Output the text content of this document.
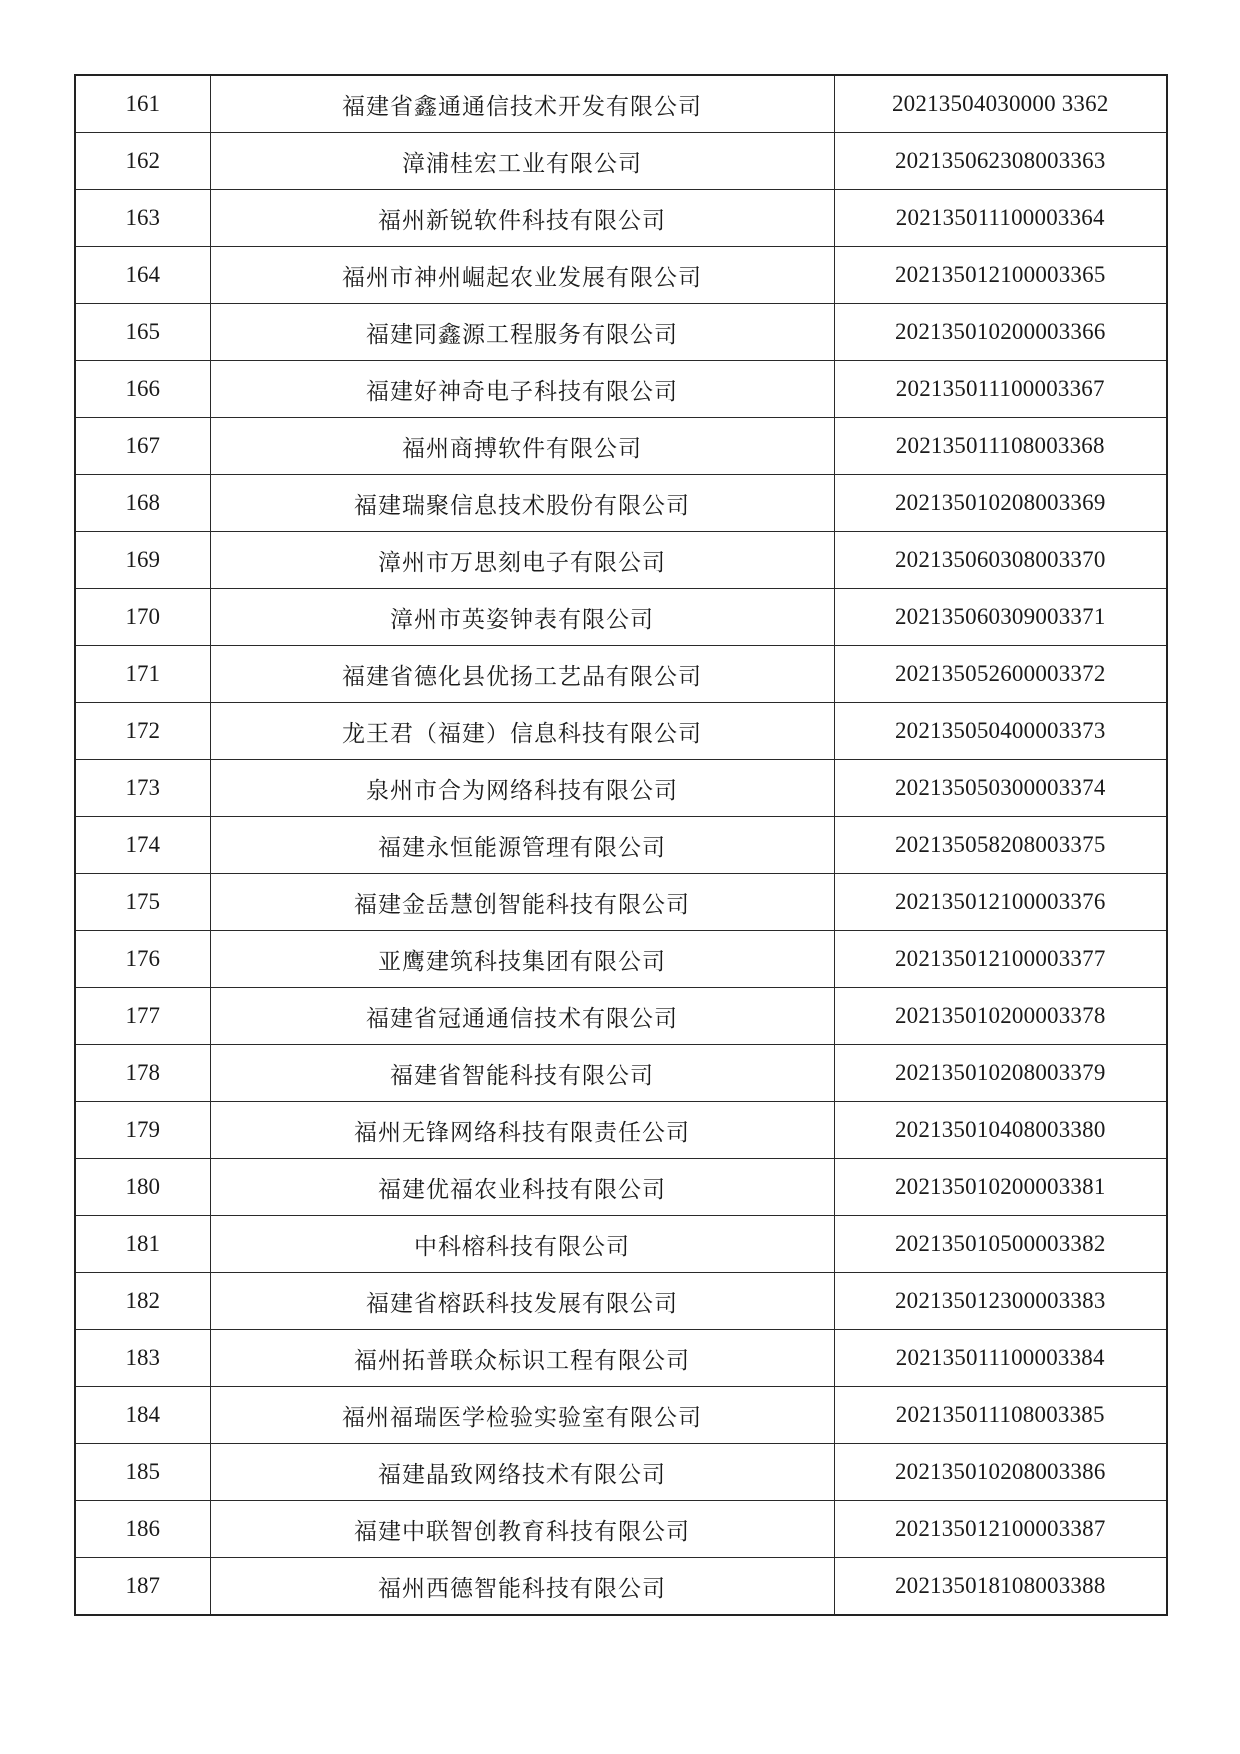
161	福建省鑫通通信技术开发有限公司	20213504030000 3362
162	漳浦桂宏工业有限公司	202135062308003363
163	福州新锐软件科技有限公司	202135011100003364
164	福州市神州崛起农业发展有限公司	202135012100003365
165	福建同鑫源工程服务有限公司	202135010200003366
166	福建好神奇电子科技有限公司	202135011100003367
167	福州商搏软件有限公司	202135011108003368
168	福建瑞聚信息技术股份有限公司	202135010208003369
169	漳州市万思刻电子有限公司	202135060308003370
170	漳州市英姿钟表有限公司	202135060309003371
171	福建省德化县优扬工艺品有限公司	202135052600003372
172	龙王君（福建）信息科技有限公司	202135050400003373
173	泉州市合为网络科技有限公司	202135050300003374
174	福建永恒能源管理有限公司	202135058208003375
175	福建金岳慧创智能科技有限公司	202135012100003376
176	亚鹰建筑科技集团有限公司	202135012100003377
177	福建省冠通通信技术有限公司	202135010200003378
178	福建省智能科技有限公司	202135010208003379
179	福州无锋网络科技有限责任公司	202135010408003380
180	福建优福农业科技有限公司	202135010200003381
181	中科榕科技有限公司	202135010500003382
182	福建省榕跃科技发展有限公司	202135012300003383
183	福州拓普联众标识工程有限公司	202135011100003384
184	福州福瑞医学检验实验室有限公司	202135011108003385
185	福建晶致网络技术有限公司	202135010208003386
186	福建中联智创教育科技有限公司	202135012100003387
187	福州西德智能科技有限公司	202135018108003388
